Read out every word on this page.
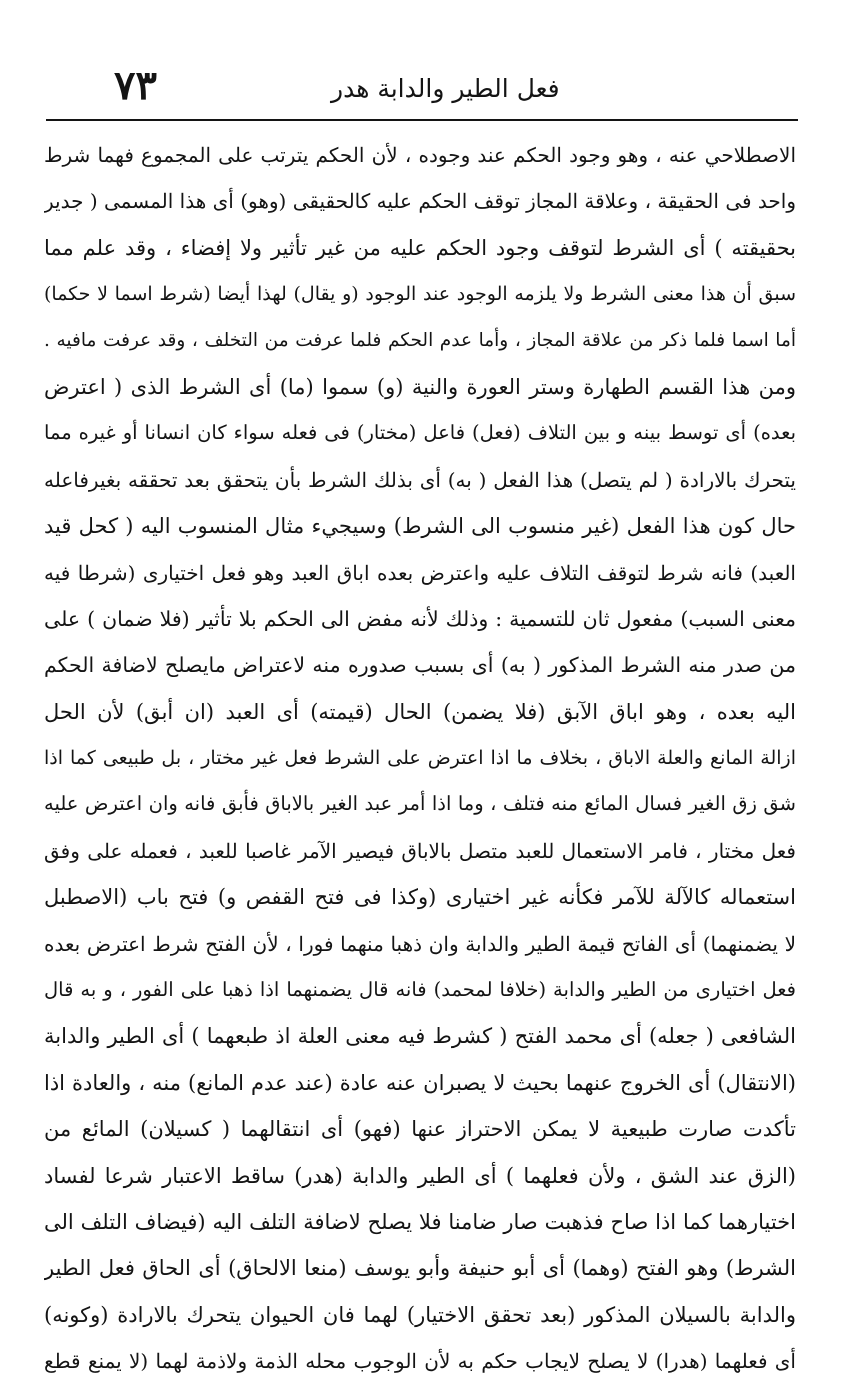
٧٣	فعل الطير والدابة هدر
الاصطلاحي عنه ، وهو وجود الحكم عند وجوده ، لأن الحكم يترتب على المجموع فهما شرط
واحد فى الحقيقة ، وعلاقة المجاز توقف الحكم عليه كالحقيقى (وهو) أى هذا المسمى ( جدير
بحقيقته ) أى الشرط لتوقف وجود الحكم عليه من غير تأثير ولا إفضاء ، وقد علم مما
سبق أن هذا معنى الشرط ولا يلزمه الوجود عند الوجود (و يقال) لهذا أيضا (شرط اسما لا حكما)
أما اسما فلما ذكر من علاقة المجاز ، وأما عدم الحكم فلما عرفت من التخلف ، وقد عرفت مافيه .
ومن هذا القسم الطهارة وستر العورة والنية (و) سموا (ما) أى الشرط الذى ( اعترض
بعده) أى توسط بينه و بين التلاف (فعل) فاعل (مختار) فى فعله سواء كان انسانا أو غيره مما
يتحرك بالارادة ( لم يتصل) هذا الفعل ( به) أى بذلك الشرط بأن يتحقق بعد تحققه بغيرفاعله
حال كون هذا الفعل (غير منسوب الى الشرط) وسيجيء مثال المنسوب اليه ( كحل قيد
العبد) فانه شرط لتوقف التلاف عليه واعترض بعده اباق العبد وهو فعل اختيارى (شرطا فيه
معنى السبب) مفعول ثان للتسمية : وذلك لأنه مفض الى الحكم بلا تأثير (فلا ضمان ) على
من صدر منه الشرط المذكور ( به) أى بسبب صدوره منه لاعتراض مايصلح لاضافة الحكم
اليه بعده ، وهو اباق الآبق (فلا يضمن) الحال (قيمته) أى العبد (ان أبق) لأن الحل
ازالة المانع والعلة الاباق ، بخلاف ما اذا اعترض على الشرط فعل غير مختار ، بل طبيعى كما اذا
شق زق الغير فسال المائع منه فتلف ، وما اذا أمر عبد الغير بالاباق فأبق فانه وان اعترض عليه
فعل مختار ، فامر الاستعمال للعبد متصل بالاباق فيصير الآمر غاصبا للعبد ، فعمله على وفق
استعماله كالآلة للآمر فكأنه غير اختيارى (وكذا فى فتح القفص و) فتح باب (الاصطبل
لا يضمنهما) أى الفاتح قيمة الطير والدابة وان ذهبا منهما فورا ، لأن الفتح شرط اعترض بعده
فعل اختيارى من الطير والدابة (خلافا لمحمد) فانه قال يضمنهما اذا ذهبا على الفور ، و به قال
الشافعى ( جعله) أى محمد الفتح ( كشرط فيه معنى العلة اذ طبعهما ) أى الطير والدابة
(الانتقال) أى الخروج عنهما بحيث لا يصبران عنه عادة (عند عدم المانع) منه ، والعادة اذا
تأكدت صارت طبيعية لا يمكن الاحتراز عنها (فهو) أى انتقالهما ( كسيلان) المائع من
(الزق عند الشق ، ولأن فعلهما ) أى الطير والدابة (هدر) ساقط الاعتبار شرعا لفساد
اختيارهما كما اذا صاح فذهبت صار ضامنا فلا يصلح لاضافة التلف اليه (فيضاف التلف الى
الشرط) وهو الفتح (وهما) أى أبو حنيفة وأبو يوسف (منعا الالحاق) أى الحاق فعل الطير
والدابة بالسيلان المذكور (بعد تحقق الاختيار) لهما فان الحيوان يتحرك بالارادة (وكونه)
أى فعلهما (هدرا) لا يصلح لايجاب حكم به لأن الوجوب محله الذمة ولاذمة لهما (لا يمنع قطع
